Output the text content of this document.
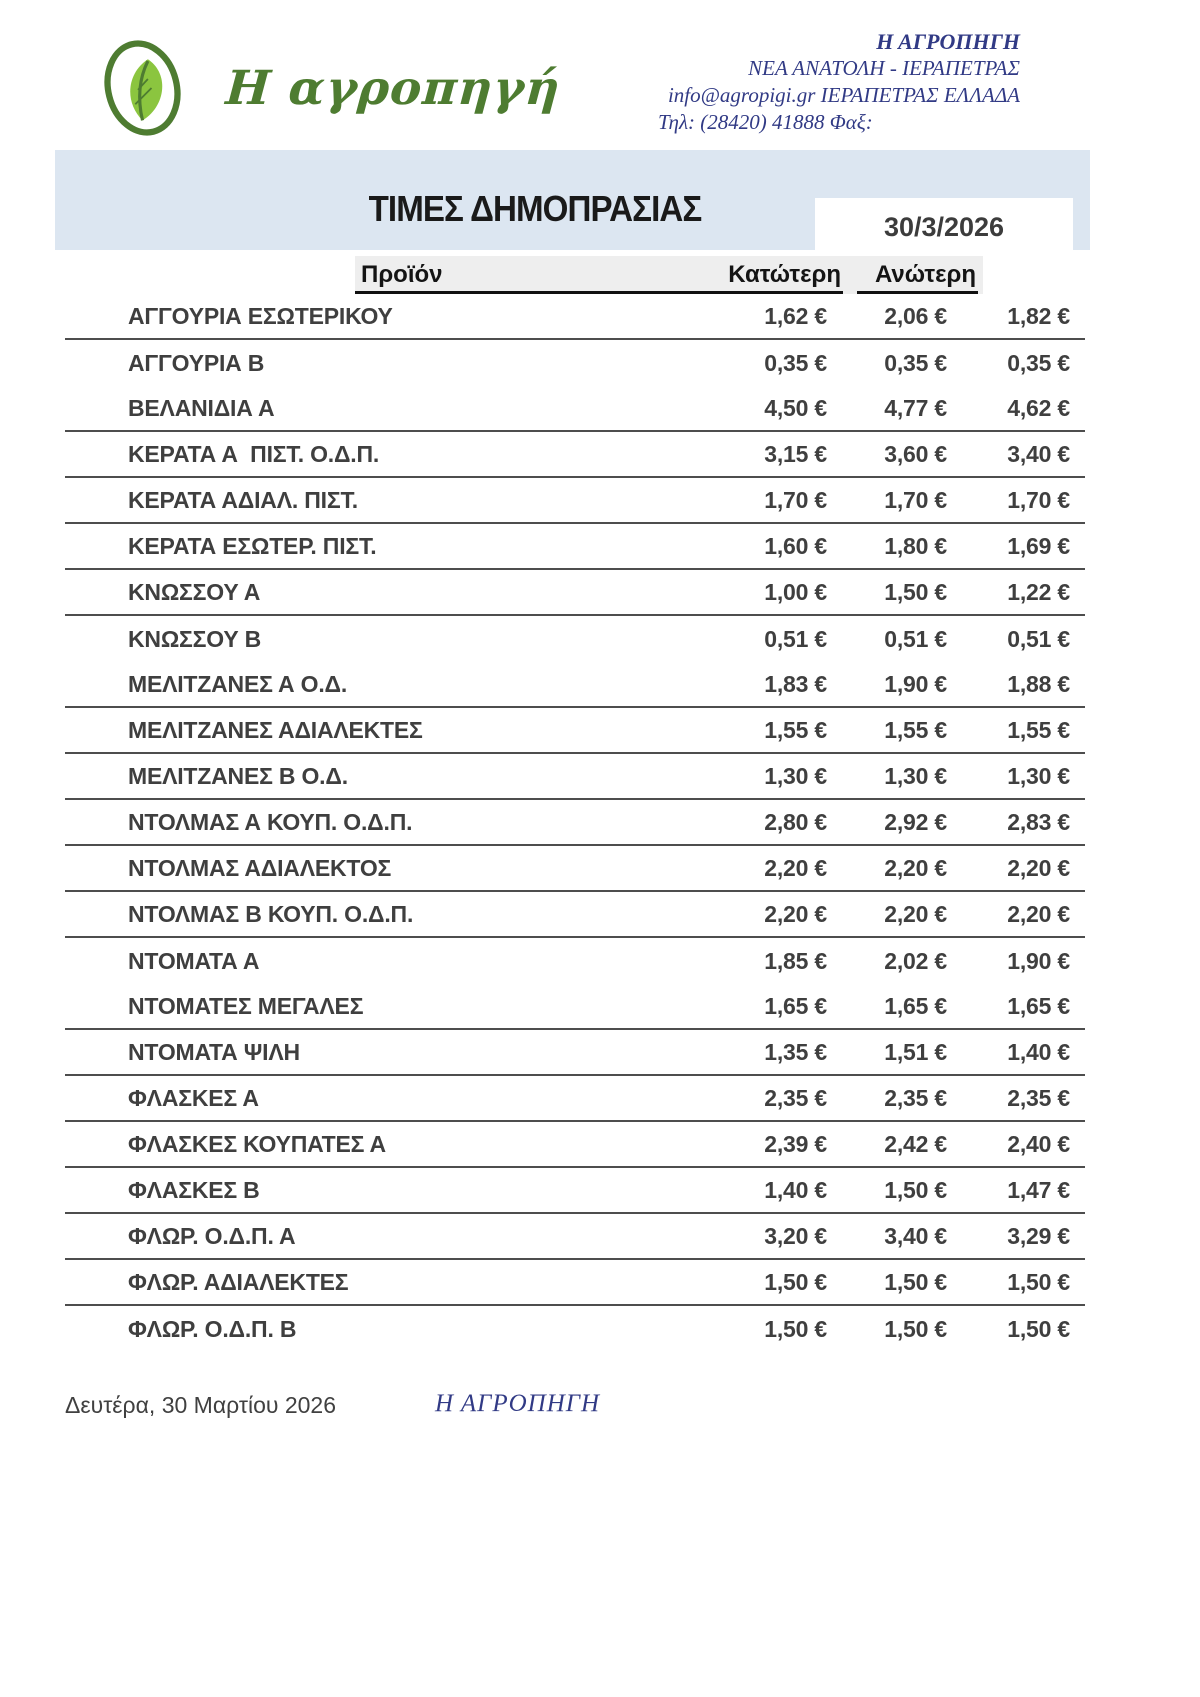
Η αγροπηγή
Η ΑΓΡΟΠΗΓΗ
ΝΕΑ ΑΝΑΤΟΛΗ - ΙΕΡΑΠΕΤΡΑΣ
info@agropigi.gr ΙΕΡΑΠΕΤΡΑΣ ΕΛΛΑΔΑ
Τηλ: (28420) 41888 Φαξ:
ΤΙΜΕΣ ΔΗΜΟΠΡΑΣΙΑΣ	30/3/2026
Προϊόν	Κατώτερη	Ανώτερη
ΑΓΓΟΥΡΙΑ ΕΣΩΤΕΡΙΚΟΥ	1,62 €	2,06 €	1,82 €
ΑΓΓΟΥΡΙΑ Β	0,35 €	0,35 €	0,35 €
ΒΕΛΑΝΙΔΙΑ Α	4,50 €	4,77 €	4,62 €
ΚΕΡΑΤΑ Α  ΠΙΣΤ. Ο.Δ.Π.	3,15 €	3,60 €	3,40 €
ΚΕΡΑΤΑ ΑΔΙΑΛ. ΠΙΣΤ.	1,70 €	1,70 €	1,70 €
ΚΕΡΑΤΑ ΕΣΩΤΕΡ. ΠΙΣΤ.	1,60 €	1,80 €	1,69 €
ΚΝΩΣΣΟΥ Α	1,00 €	1,50 €	1,22 €
ΚΝΩΣΣΟΥ Β	0,51 €	0,51 €	0,51 €
ΜΕΛΙΤΖΑΝΕΣ Α Ο.Δ.	1,83 €	1,90 €	1,88 €
ΜΕΛΙΤΖΑΝΕΣ ΑΔΙΑΛΕΚΤΕΣ	1,55 €	1,55 €	1,55 €
ΜΕΛΙΤΖΑΝΕΣ Β Ο.Δ.	1,30 €	1,30 €	1,30 €
ΝΤΟΛΜΑΣ Α ΚΟΥΠ. Ο.Δ.Π.	2,80 €	2,92 €	2,83 €
ΝΤΟΛΜΑΣ ΑΔΙΑΛΕΚΤΟΣ	2,20 €	2,20 €	2,20 €
ΝΤΟΛΜΑΣ Β ΚΟΥΠ. Ο.Δ.Π.	2,20 €	2,20 €	2,20 €
ΝΤΟΜΑΤΑ Α	1,85 €	2,02 €	1,90 €
ΝΤΟΜΑΤΕΣ ΜΕΓΑΛΕΣ	1,65 €	1,65 €	1,65 €
ΝΤΟΜΑΤΑ ΨΙΛΗ	1,35 €	1,51 €	1,40 €
ΦΛΑΣΚΕΣ Α	2,35 €	2,35 €	2,35 €
ΦΛΑΣΚΕΣ ΚΟΥΠΑΤΕΣ Α	2,39 €	2,42 €	2,40 €
ΦΛΑΣΚΕΣ Β	1,40 €	1,50 €	1,47 €
ΦΛΩΡ. Ο.Δ.Π. Α	3,20 €	3,40 €	3,29 €
ΦΛΩΡ. ΑΔΙΑΛΕΚΤΕΣ	1,50 €	1,50 €	1,50 €
ΦΛΩΡ. Ο.Δ.Π. Β	1,50 €	1,50 €	1,50 €
Δευτέρα, 30 Μαρτίου 2026	Η ΑΓΡΟΠΗΓΗ
